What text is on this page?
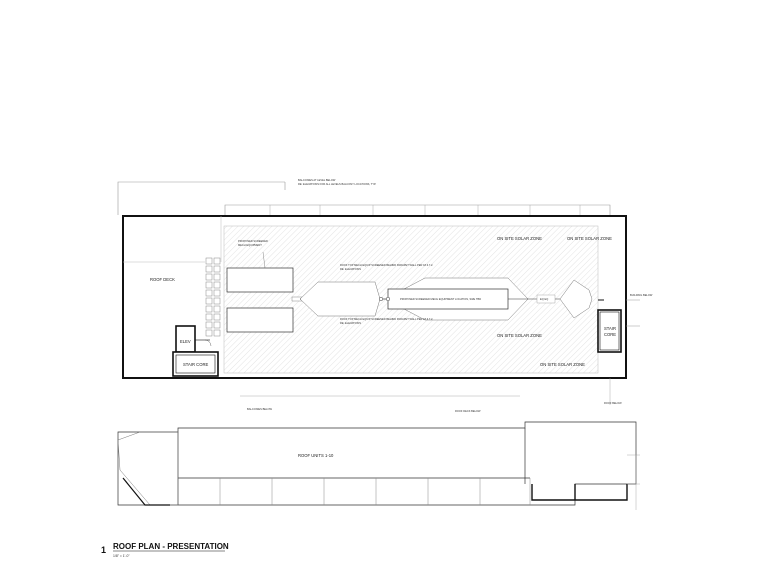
BALCONIES AT LEVEL BELOW
RE: ELEVATIONS FOR ALL LEVELS BALCONY LOCATIONS, TYP.
ROOF DECK
PROPOSED SCREENED
MECH EQUIPMENT
ROOF TOP MECH EQUIP SCREENED BEHIND PARAPET WALL PER 18.3.7.2.
RE: ELEVATIONS
ROOF TOP MECH EQUIP SCREENED BEHIND PARAPET WALL PER 18.3.7.2.
RE: ELEVATIONS
PROPOSED SCREENED MECH EQUIPMENT LOCATION, SIZE TBD	EQ EQ
ON SITE SOLAR ZONE	ON SITE SOLAR ZONE
ON SITE SOLAR ZONE
ON SITE SOLAR ZONE
ELEV
STAIR CORE
STAIR
CORE
BUILDING BELOW
BALCONIES BELOW
ROOF DECK BELOW
ROOF BELOW
ROOF UNITS 1-10
1 ROOF PLAN - PRESENTATION
1/8" = 1'-0"
